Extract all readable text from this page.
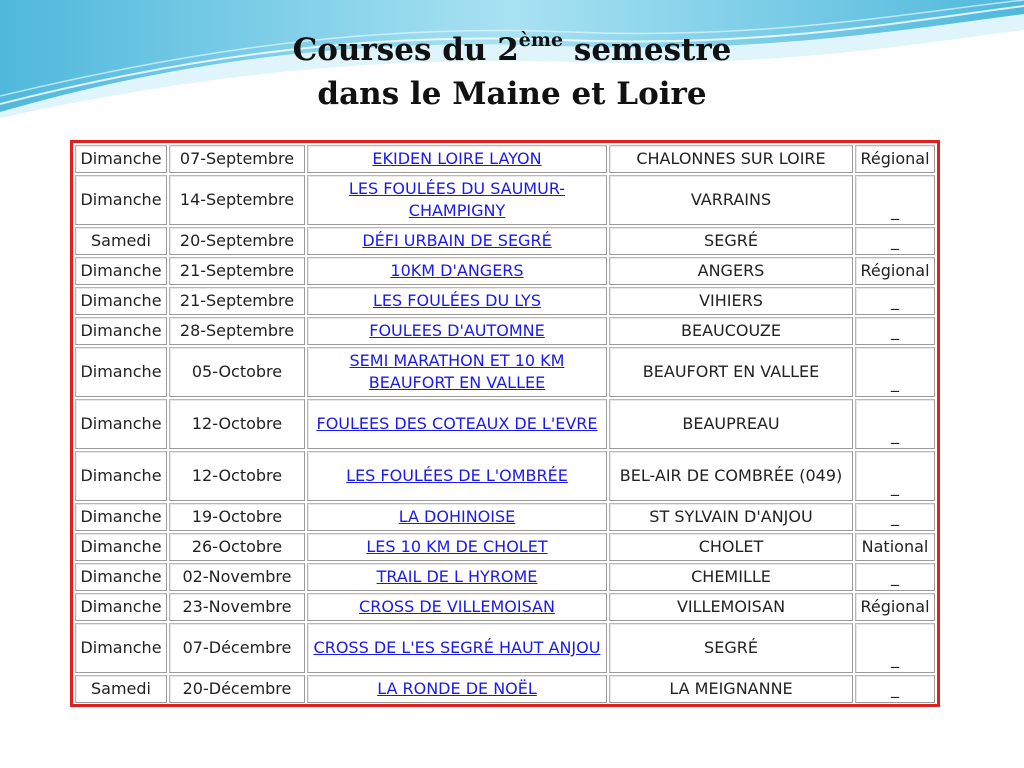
Courses du 2ème semestre
dans le Maine et Loire
Dimanche	07-Septembre	EKIDEN LOIRE LAYON	CHALONNES SUR LOIRE	Régional
Dimanche	14-Septembre	LES FOULÉES DU SAUMUR-CHAMPIGNY	VARRAINS	_
Samedi	20-Septembre	DÉFI URBAIN DE SEGRÉ	SEGRÉ	_
Dimanche	21-Septembre	10KM D'ANGERS	ANGERS	Régional
Dimanche	21-Septembre	LES FOULÉES DU LYS	VIHIERS	_
Dimanche	28-Septembre	FOULEES D'AUTOMNE	BEAUCOUZE	_
Dimanche	05-Octobre	SEMI MARATHON ET 10 KM BEAUFORT EN VALLEE	BEAUFORT EN VALLEE	_
Dimanche	12-Octobre	FOULEES DES COTEAUX DE L'EVRE	BEAUPREAU	_
Dimanche	12-Octobre	LES FOULÉES DE L'OMBRÉE	BEL-AIR DE COMBRÉE (049)	_
Dimanche	19-Octobre	LA DOHINOISE	ST SYLVAIN D'ANJOU	_
Dimanche	26-Octobre	LES 10 KM DE CHOLET	CHOLET	National
Dimanche	02-Novembre	TRAIL DE L HYROME	CHEMILLE	_
Dimanche	23-Novembre	CROSS DE VILLEMOISAN	VILLEMOISAN	Régional
Dimanche	07-Décembre	CROSS DE L'ES SEGRÉ HAUT ANJOU	SEGRÉ	_
Samedi	20-Décembre	LA RONDE DE NOËL	LA MEIGNANNE	_
